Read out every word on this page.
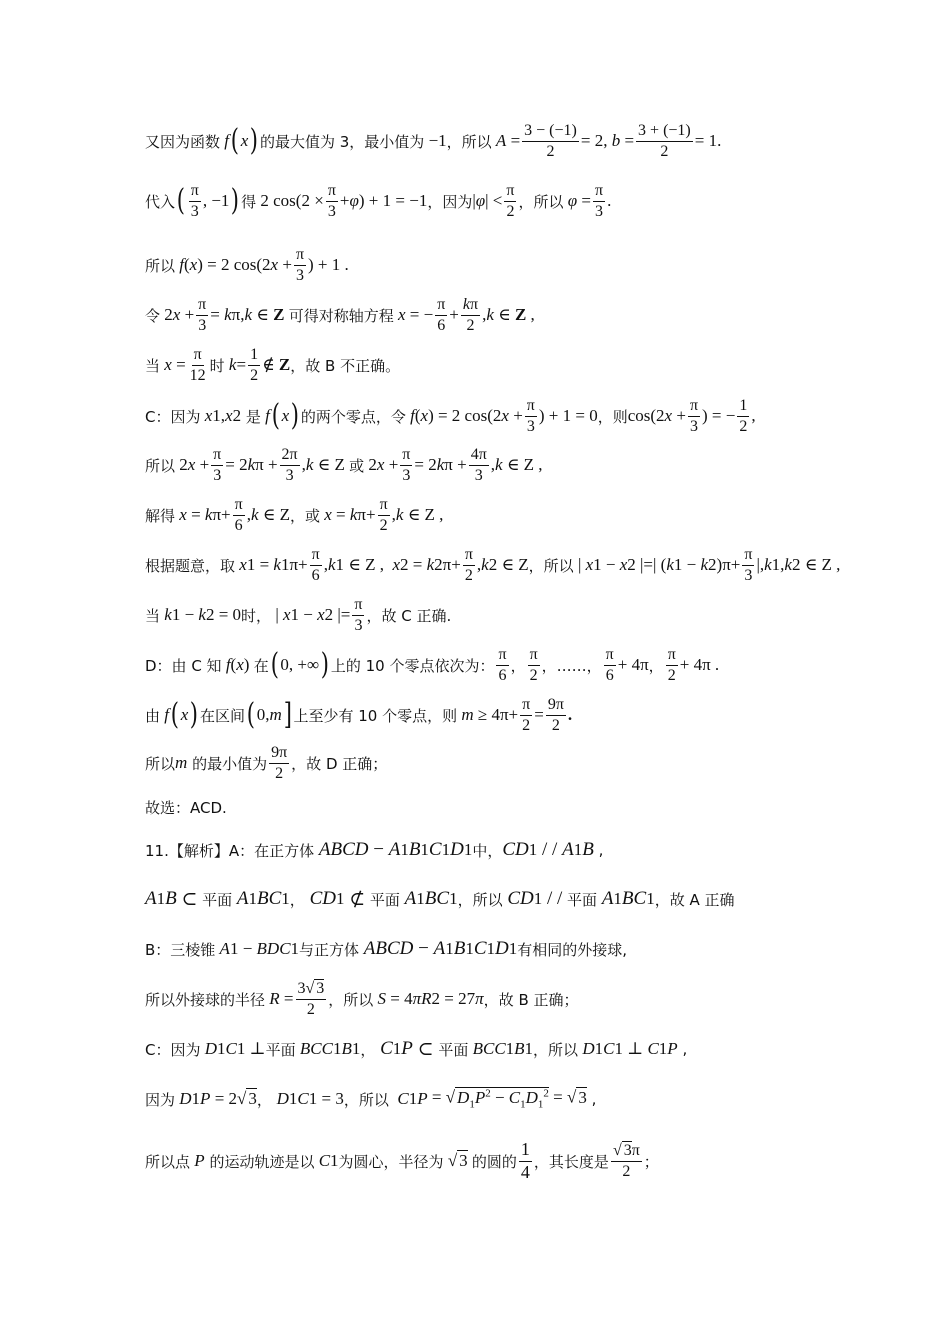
又因为函数 f ( x ) 的最大值为 3，最小值为 −1 ，所以 $A = \frac{3 - (-1)}{2} = 2$, $b = \frac{3 + (-1)}{2} = 1$.
代入 ( $\frac{\pi}{3}$ , −1 ) 得 2 $\cos(2 \times \frac{\pi}{3} + \varphi$ ) + 1 = −1 ，因为 | φ | < $\frac{\pi}{2}$ ，所以 $\varphi = \frac{\pi}{3}$ .
所以 f ( x ) = 2 cos(2 $x + \frac{\pi}{3}$ ) + 1 .
令 2 $x + \frac{\pi}{3} = k$ π, k ∈ Z 可得对称轴方程 x = − $\frac{\pi}{6} + \frac{k\pi}{2}$ , k ∈ Z ,
当 $x = \frac{\pi}{12}$ 时 $k = \frac{1}{2}$ ∉ Z ，故 B 不正确。
C：因为 x 1 , x 2
是 f ( x ) 的两个零点，令 f ( x ) = 2 cos(2 $x + \frac{\pi}{3}$ ) + 1 = 0 ，则 cos(2 $x + \frac{\pi}{3}$ ) = − $\frac{1}{2}$ ,
所以 2 $x + \frac{\pi}{3} = 2$ k $\pi + \frac{2\pi}{3}$ , k ∈ Z 或 2 $x + \frac{\pi}{3} = 2$ k $\pi + \frac{4\pi}{3}$ , k ∈ Z ,
解得 x = k $\pi+ \frac{\pi}{6}$ , k ∈ Z ，或 x = k $\pi+ \frac{\pi}{2}$ , k ∈ Z ,
根据题意，取 x 1 = k 1 $\pi+ \frac{\pi}{6}$ , k 1 ∈ Z , x 2 = k 2 $\pi+ \frac{\pi}{2}$ , k 2 ∈ Z ，所以 | x 1 − x 2 |=| ( k 1 − k 2 )$\pi+ \frac{\pi}{3}$ |, k 1 , k 2 ∈ Z ,
当 k 1 − k 2 = 0 时， | x 1 − x 2 |= $\frac{\pi}{3}$ ，故 C 正确.
D：由 C 知 f ( x ) 在 ( 0, +∞ ) 上的 10 个零点依次为： $\frac{\pi}{6}$ ， $\frac{\pi}{2}$ ，……， $\frac{\pi}{6} + 4\pi$ ， $\frac{\pi}{2} + 4\pi$ .
由 f ( x ) 在区间 ( 0, m ] 上至少有 10 个零点，则 $m \ge 4\pi+ \frac{\pi}{2} = \frac{9\pi}{2}$ .
所以 m
的最小值为 $\frac{9\pi}{2}$ ，故 D 正确；
故选：ACD.
11.【解析】A：在正方体 ABCD − A 1 B 1 C 1 D 1 中， CD 1 / / A 1 B ,
A 1 B ⊂ 平面 A 1 BC 1 ， CD 1 ⊄ 平面 A 1 BC 1 ，所以 CD 1 / / 平面 A 1 BC 1 ，故 A 正确
B：三棱锥 A 1 − BDC 1 与正方体 ABCD − A 1 B 1 C 1 D 1 有相同的外接球,
所以外接球的半径 $R = \frac{3√ 3}{2}$ ，所以 S = 4 πR 2 = 27 π ，故 B 正确；
C：因为 D 1 C 1 ⊥ 平面 BCC 1 B 1 ， C 1 P ⊂ 平面 BCC 1 B 1 ，所以 D 1 C 1 ⊥ C 1 P ,
因为 D 1 P = 2√ 3 ， D 1 C 1 = 3 ，所以 C 1 P = √ $D_1P^2 - C_1D_1^2$ = √ 3 ,
所以点 P
的运动轨迹是以 C 1 为圆心，半径为 √ 3 的圆的 $\frac{1}{4}$ ，其长度是 $\frac{√ 3\pi}{2}$ ；
